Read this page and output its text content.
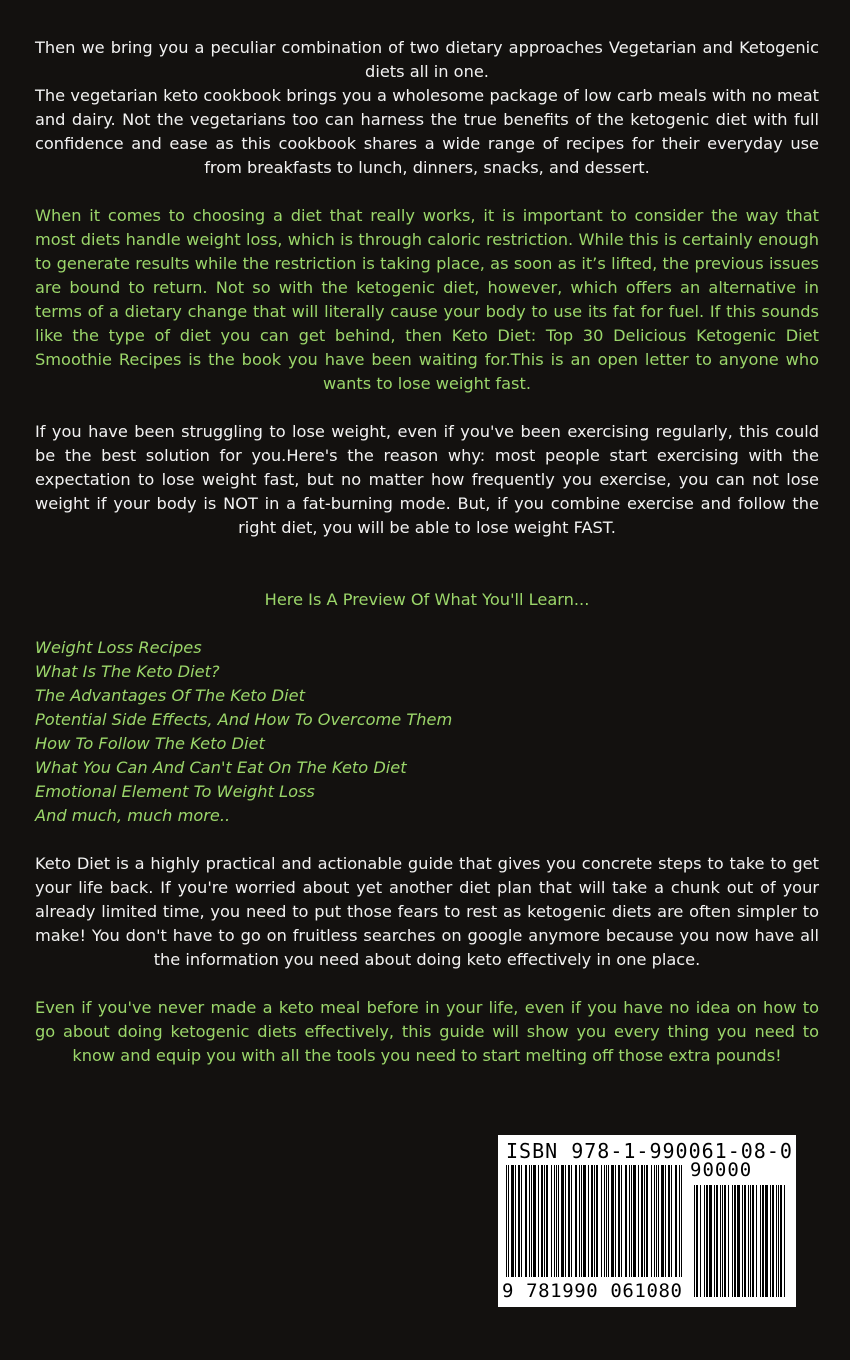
Then we bring you a peculiar combination of two dietary approaches Vegetarian and Ketogenic diets all in one.

The vegetarian keto cookbook brings you a wholesome package of low carb meals with no meat and dairy. Not the vegetarians too can harness the true benefits of the ketogenic diet with full confidence and ease as this cookbook shares a wide range of recipes for their everyday use from breakfasts to lunch, dinners, snacks, and dessert.

When it comes to choosing a diet that really works, it is important to consider the way that most diets handle weight loss, which is through caloric restriction. While this is certainly enough to generate results while the restriction is taking place, as soon as it’s lifted, the previous issues are bound to return. Not so with the ketogenic diet, however, which offers an alternative in terms of a dietary change that will literally cause your body to use its fat for fuel. If this sounds like the type of diet you can get behind, then Keto Diet: Top 30 Delicious Ketogenic Diet Smoothie Recipes is the book you have been waiting for.This is an open letter to anyone who wants to lose weight fast.

If you have been struggling to lose weight, even if you've been exercising regularly, this could be the best solution for you.Here's the reason why: most people start exercising with the expectation to lose weight fast, but no matter how frequently you exercise, you can not lose weight if your body is NOT in a fat-burning mode. But, if you combine exercise and follow the right diet, you will be able to lose weight FAST.

Here Is A Preview Of What You'll Learn...

Weight Loss Recipes
What Is The Keto Diet?
The Advantages Of The Keto Diet
Potential Side Effects, And How To Overcome Them
How To Follow The Keto Diet
What You Can And Can't Eat On The Keto Diet
Emotional Element To Weight Loss
And much, much more..

Keto Diet is a highly practical and actionable guide that gives you concrete steps to take to get your life back. If you're worried about yet another diet plan that will take a chunk out of your already limited time, you need to put those fears to rest as ketogenic diets are often simpler to make! You don't have to go on fruitless searches on google anymore because you now have all the information you need about doing keto effectively in one place.

Even if you've never made a keto meal before in your life, even if you have no idea on how to go about doing ketogenic diets effectively, this guide will show you every thing you need to know and equip you with all the tools you need to start melting off those extra pounds!

ISBN 978-1-990061-08-0
90000
9 781990 061080
